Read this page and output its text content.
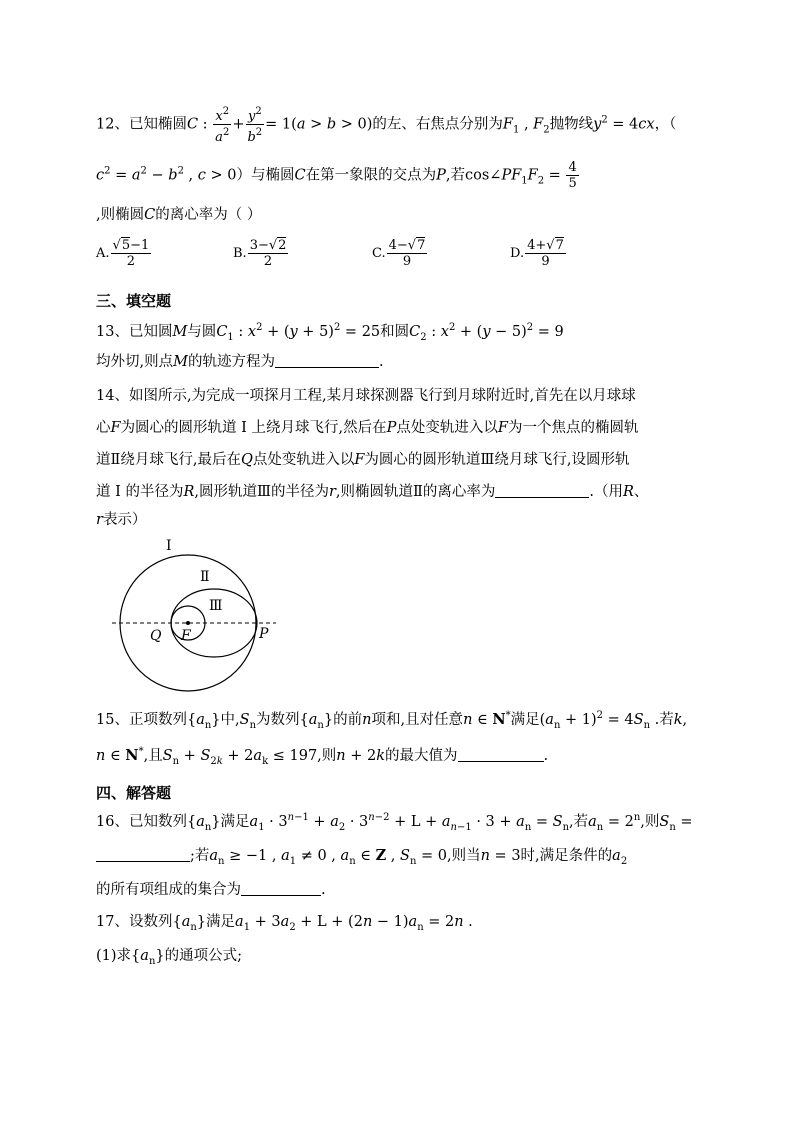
12、已知椭圆C : $\frac{x^2}{a^2} + \frac{y^2}{b^2} = 1(a > b > 0)$的左、右焦点分别为$F_1$ , $F_2$抛物线$y^2 = 4cx$，（
$c^2 = a^2 - b^2$ , c > 0）与椭圆C在第一象限的交点为P,若$\cos\angle PF_1F_2 = \frac{4}{5}$
,则椭圆C的离心率为（ ）
A. $\frac{√5-1}{2}$	B. $\frac{3-√2}{2}$	C. $\frac{4-√7}{9}$	D. $\frac{4+√7}{9}$
三、填空题
13、已知圆M与圆$C_1$ : $x^2 + (y + 5)^2 = 25$和圆$C_2$ : $x^2 + (y - 5)^2 = 9$
均外切,则点M的轨迹方程为	.
14、如图所示,为完成一项探月工程,某月球探测器飞行到月球附近时,首先在以月球球
心F为圆心的圆形轨道 Ⅰ 上绕月球飞行,然后在P点处变轨进入以F为一个焦点的椭圆轨
道Ⅱ绕月球飞行,最后在Q点处变轨进入以F为圆心的圆形轨道Ⅲ绕月球飞行,设圆形轨
道 Ⅰ 的半径为R,圆形轨道Ⅲ的半径为r,则椭圆轨道Ⅱ的离心率为	.（用R、
r表示）
Ⅰ
Ⅱ
Ⅲ
Q F	P
15、正项数列$\{a_n\}$中$,S_n$为数列$\{a_n\}$的前n项和,且对任意n ∈ N*满足$(a_n + 1)^2 = 4S_n$ .若k,
n ∈ N*,且$S_n + S_{2k} + 2a_k \le 197$,则n + 2k的最大值为	.
四、解答题
16、已知数列$\{a_n\}$满足$a_1 \cdot 3^{n-1} + a_2 \cdot 3^{n-2} + L + a_{n-1} \cdot 3 + a_n = S_n$,若$a_n = 2^n$,则$S_n$ =
;若$a_n \ge -1$ , $a_1 \ne 0$ , $a_n$ ∈ Z , $S_n = 0$,则当n = 3时,满足条件的$a_2$
的所有项组成的集合为	.
17、设数列$\{a_n\}$满足$a_1 + 3a_2 + L + (2n - 1)a_n = 2n$ .
(1)求$\{a_n\}$的通项公式;
